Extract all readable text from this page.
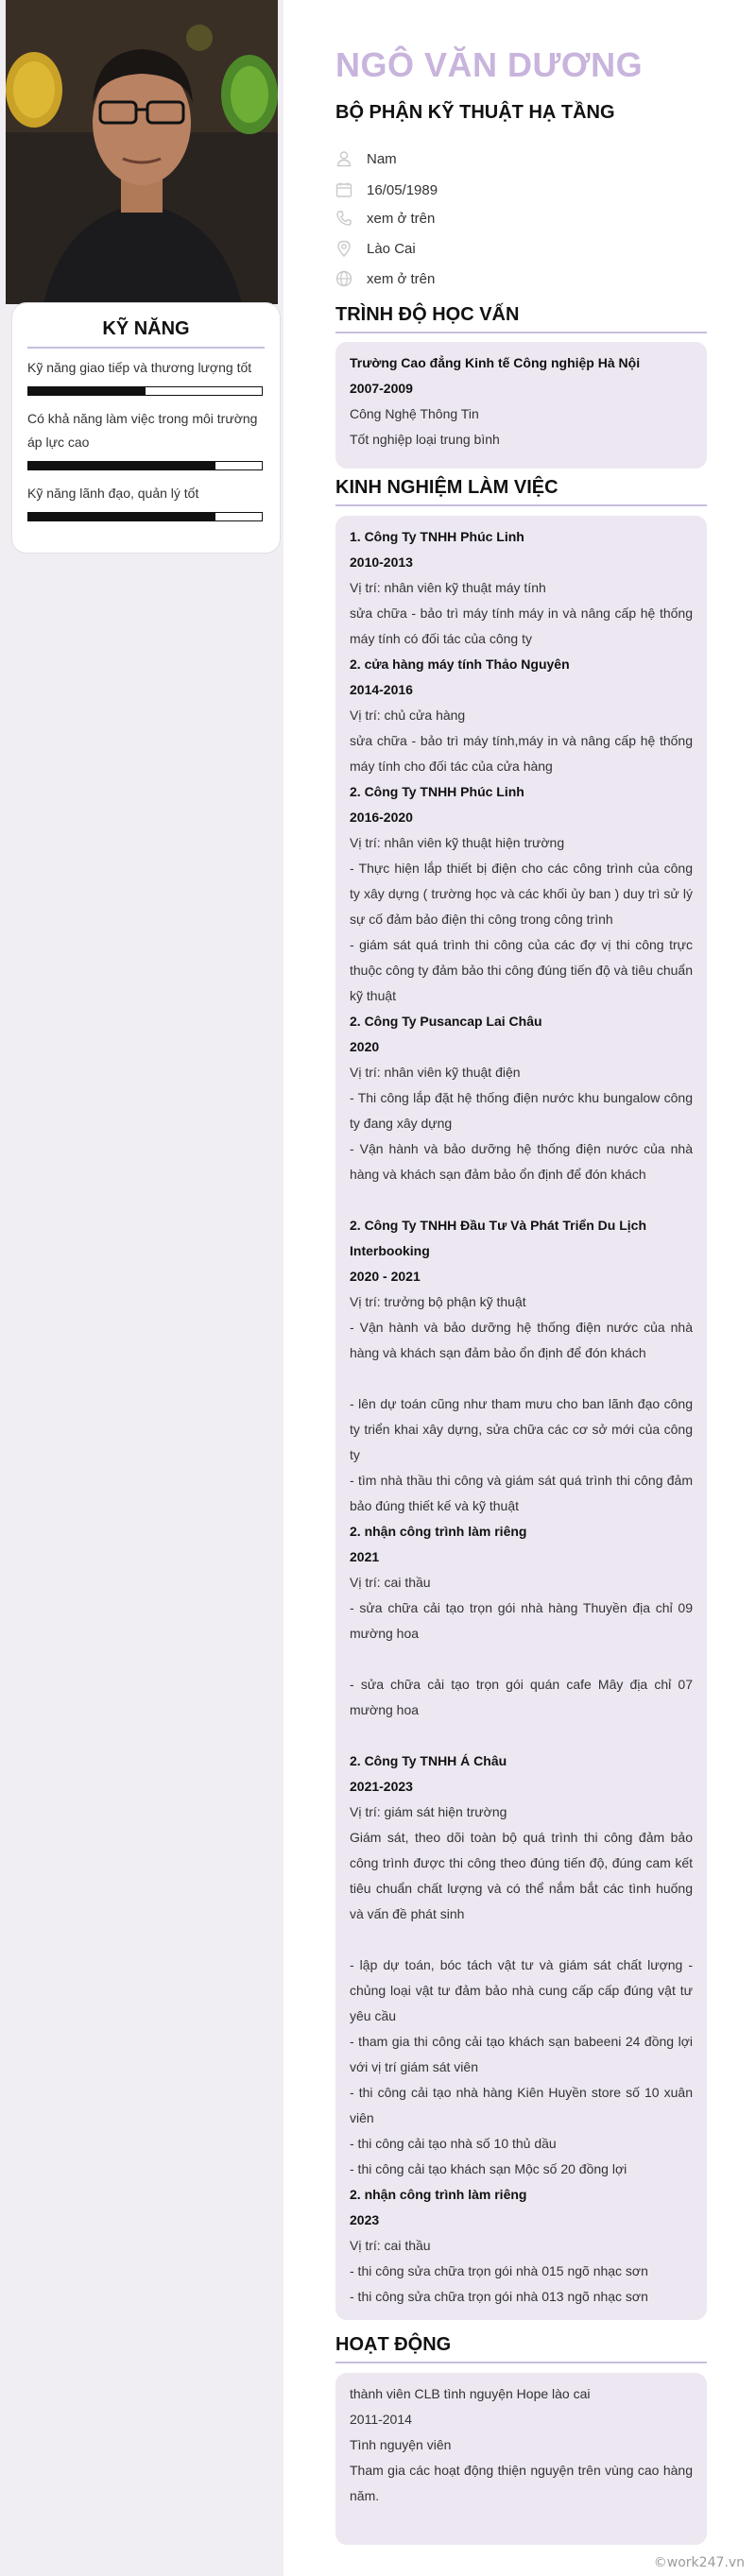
KỸ NĂNG
Kỹ năng giao tiếp và thương lượng tốt
Có khả năng làm việc trong môi trường áp lực cao
Kỹ năng lãnh đạo, quản lý tốt
NGÔ VĂN DƯƠNG
BỘ PHẬN KỸ THUẬT HẠ TẦNG
Nam
16/05/1989
xem ở trên
Lào Cai
xem ở trên
TRÌNH ĐỘ HỌC VẤN
Trường Cao đẳng Kinh tế Công nghiệp Hà Nội
2007-2009
Công Nghệ Thông Tin
Tốt nghiệp loại trung bình
KINH NGHIỆM LÀM VIỆC
1. Công Ty TNHH Phúc Linh
2010-2013
Vị trí: nhân viên kỹ thuật máy tính
sửa chữa - bảo trì máy tính máy in và nâng cấp hệ thống máy tính có đối tác của công ty
2. cửa hàng máy tính Thảo Nguyên
2014-2016
Vị trí: chủ cửa hàng
sửa chữa - bảo trì máy tính,máy in và nâng cấp hệ thống máy tính cho đối tác của cửa hàng
2. Công Ty TNHH Phúc Linh
2016-2020
Vị trí: nhân viên kỹ thuật hiện trường
- Thực hiện lắp thiết bị điện cho các công trình của công ty xây dựng ( trường học và các khối ủy ban ) duy trì sử lý sự cố đảm bảo điện thi công trong công trình
- giám sát quá trình thi công của các đợ vị thi công trực thuộc công ty đảm bảo thi công đúng tiến độ và tiêu chuẩn kỹ thuật
2. Công Ty Pusancap Lai Châu
2020
Vị trí: nhân viên kỹ thuật điện
- Thi công lắp đặt hệ thống điện nước khu bungalow công ty đang xây dựng
- Vận hành và bảo dưỡng hệ thống điện nước của nhà hàng và khách sạn đảm bảo ổn định để đón khách
2. Công Ty TNHH Đầu Tư Và Phát Triển Du Lịch Interbooking
2020 - 2021
Vị trí: trưởng bộ phận kỹ thuật
- Vận hành và bảo dưỡng hệ thống điện nước của nhà hàng và khách sạn đảm bảo ổn định để đón khách
- lên dự toán cũng như tham mưu cho ban lãnh đạo công ty triển khai xây dựng, sửa chữa các cơ sở mới của công ty
- tìm nhà thầu thi công và giám sát quá trình thi công đảm bảo đúng thiết kế và kỹ thuật
2. nhận công trình làm riêng
2021
Vị trí: cai thầu
- sửa chữa cải tạo trọn gói nhà hàng Thuyền địa chỉ 09 mường hoa
- sửa chữa cải tạo trọn gói quán cafe Mây địa chỉ 07 mường hoa
2. Công Ty TNHH Á Châu
2021-2023
Vị trí: giám sát hiện trường
Giám sát, theo dõi toàn bộ quá trình thi công đảm bảo công trình được thi công theo đúng tiến độ, đúng cam kết tiêu chuẩn chất lượng và có thể nắm bắt các tình huống và vấn đề phát sinh
- lập dự toán, bóc tách vật tư và giám sát chất lượng - chủng loại vật tư đảm bảo nhà cung cấp cấp đúng vật tư yêu cầu
- tham gia thi công cải tạo khách sạn babeeni 24 đồng lợi với vị trí giám sát viên
- thi công cải tạo nhà hàng Kiên Huyền store số 10 xuân viên
- thi công cải tạo nhà số 10 thủ dầu
- thi công cải tạo khách sạn Mộc số 20 đồng lợi
2. nhận công trình làm riêng
2023
Vị trí: cai thầu
- thi công sửa chữa trọn gói nhà 015 ngõ nhạc sơn
- thi công sửa chữa trọn gói nhà 013 ngõ nhạc sơn
HOẠT ĐỘNG
thành viên CLB tình nguyện Hope lào cai
2011-2014
Tình nguyện viên
Tham gia các hoạt động thiện nguyện trên vùng cao hàng năm.
©work247.vn
